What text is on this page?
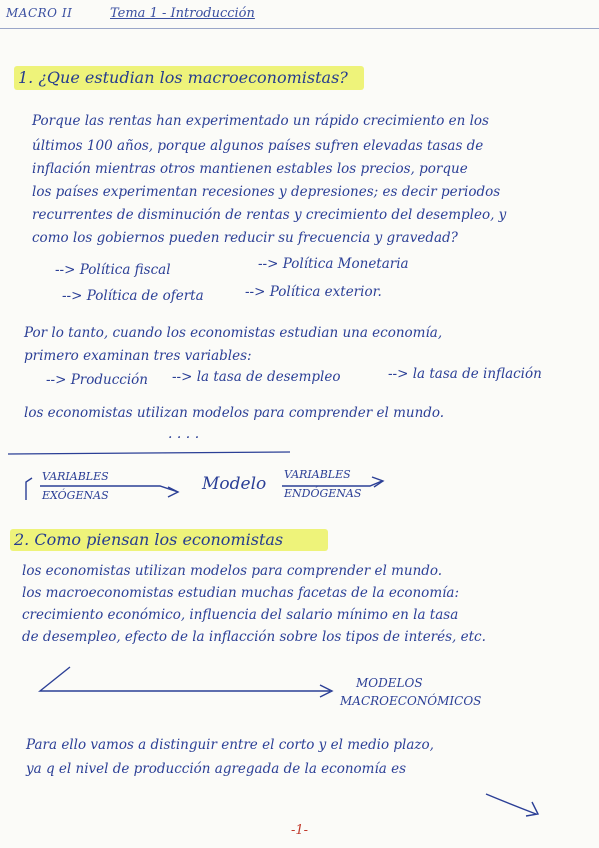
MACRO II	Tema 1 - Introducción
1. ¿Que estudian los macroeconomistas?
Porque las rentas han experimentado un rápido crecimiento en los
últimos 100 años, porque algunos países sufren elevadas tasas de
inflación mientras otros mantienen estables los precios, porque
los países experimentan recesiones y depresiones; es decir periodos
recurrentes de disminución de rentas y crecimiento del desempleo, y
como los gobiernos pueden reducir su frecuencia y gravedad?
--> Política fiscal	--> Política Monetaria
--> Política de oferta	--> Política exterior.
Por lo tanto, cuando los economistas estudian una economía,
primero examinan tres variables:
--> Producción --> la tasa de desempleo	--> la tasa de inflación
los economistas utilizan modelos para comprender el mundo.
· · · ·
VARIABLES
EXÓGENAS
Modelo VARIABLES
ENDÓGENAS
2. Como piensan los economistas
los economistas utilizan modelos para comprender el mundo.
los macroeconomistas estudian muchas facetas de la economía:
crecimiento económico, influencia del salario mínimo en la tasa
de desempleo, efecto de la inflacción sobre los tipos de interés, etc.
MODELOS
MACROECONÓMICOS
Para ello vamos a distinguir entre el corto y el medio plazo,
ya q el nivel de producción agregada de la economía es
-1-
